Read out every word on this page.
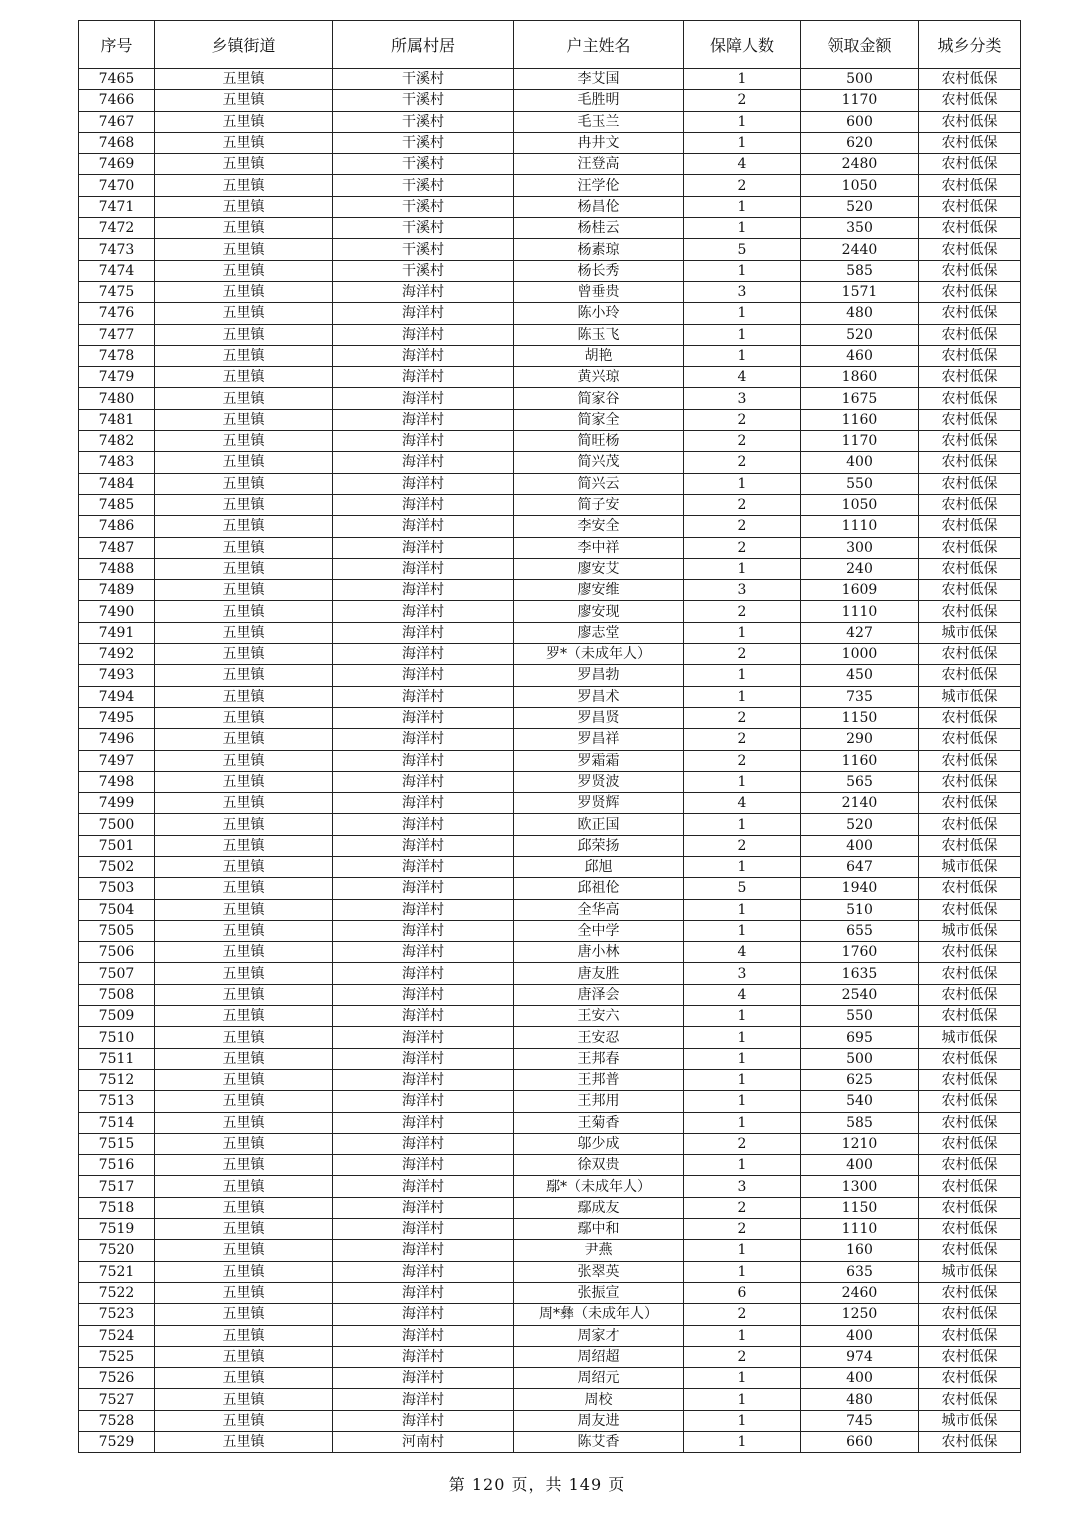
序号	乡镇街道	所属村居	户主姓名	保障人数	领取金额	城乡分类
7465	五里镇	干溪村	李艾国	1	500	农村低保
7466	五里镇	干溪村	毛胜明	2	1170	农村低保
7467	五里镇	干溪村	毛玉兰	1	600	农村低保
7468	五里镇	干溪村	冉井文	1	620	农村低保
7469	五里镇	干溪村	汪登高	4	2480	农村低保
7470	五里镇	干溪村	汪学伦	2	1050	农村低保
7471	五里镇	干溪村	杨昌伦	1	520	农村低保
7472	五里镇	干溪村	杨桂云	1	350	农村低保
7473	五里镇	干溪村	杨素琼	5	2440	农村低保
7474	五里镇	干溪村	杨长秀	1	585	农村低保
7475	五里镇	海洋村	曾垂贵	3	1571	农村低保
7476	五里镇	海洋村	陈小玲	1	480	农村低保
7477	五里镇	海洋村	陈玉飞	1	520	农村低保
7478	五里镇	海洋村	胡艳	1	460	农村低保
7479	五里镇	海洋村	黄兴琼	4	1860	农村低保
7480	五里镇	海洋村	简家谷	3	1675	农村低保
7481	五里镇	海洋村	简家全	2	1160	农村低保
7482	五里镇	海洋村	简旺杨	2	1170	农村低保
7483	五里镇	海洋村	简兴茂	2	400	农村低保
7484	五里镇	海洋村	简兴云	1	550	农村低保
7485	五里镇	海洋村	简子安	2	1050	农村低保
7486	五里镇	海洋村	李安全	2	1110	农村低保
7487	五里镇	海洋村	李中祥	2	300	农村低保
7488	五里镇	海洋村	廖安艾	1	240	农村低保
7489	五里镇	海洋村	廖安维	3	1609	农村低保
7490	五里镇	海洋村	廖安现	2	1110	农村低保
7491	五里镇	海洋村	廖志堂	1	427	城市低保
7492	五里镇	海洋村	罗*（未成年人）	2	1000	农村低保
7493	五里镇	海洋村	罗昌勃	1	450	农村低保
7494	五里镇	海洋村	罗昌术	1	735	城市低保
7495	五里镇	海洋村	罗昌贤	2	1150	农村低保
7496	五里镇	海洋村	罗昌祥	2	290	农村低保
7497	五里镇	海洋村	罗霜霜	2	1160	农村低保
7498	五里镇	海洋村	罗贤波	1	565	农村低保
7499	五里镇	海洋村	罗贤辉	4	2140	农村低保
7500	五里镇	海洋村	欧正国	1	520	农村低保
7501	五里镇	海洋村	邱荣扬	2	400	农村低保
7502	五里镇	海洋村	邱旭	1	647	城市低保
7503	五里镇	海洋村	邱祖伦	5	1940	农村低保
7504	五里镇	海洋村	全华高	1	510	农村低保
7505	五里镇	海洋村	全中学	1	655	城市低保
7506	五里镇	海洋村	唐小林	4	1760	农村低保
7507	五里镇	海洋村	唐友胜	3	1635	农村低保
7508	五里镇	海洋村	唐泽会	4	2540	农村低保
7509	五里镇	海洋村	王安六	1	550	农村低保
7510	五里镇	海洋村	王安忍	1	695	城市低保
7511	五里镇	海洋村	王邦春	1	500	农村低保
7512	五里镇	海洋村	王邦普	1	625	农村低保
7513	五里镇	海洋村	王邦用	1	540	农村低保
7514	五里镇	海洋村	王菊香	1	585	农村低保
7515	五里镇	海洋村	邬少成	2	1210	农村低保
7516	五里镇	海洋村	徐双贵	1	400	农村低保
7517	五里镇	海洋村	鄢*（未成年人）	3	1300	农村低保
7518	五里镇	海洋村	鄢成友	2	1150	农村低保
7519	五里镇	海洋村	鄢中和	2	1110	农村低保
7520	五里镇	海洋村	尹燕	1	160	农村低保
7521	五里镇	海洋村	张翠英	1	635	城市低保
7522	五里镇	海洋村	张振宣	6	2460	农村低保
7523	五里镇	海洋村	周*彝（未成年人）	2	1250	农村低保
7524	五里镇	海洋村	周家才	1	400	农村低保
7525	五里镇	海洋村	周绍超	2	974	农村低保
7526	五里镇	海洋村	周绍元	1	400	农村低保
7527	五里镇	海洋村	周校	1	480	农村低保
7528	五里镇	海洋村	周友进	1	745	城市低保
7529	五里镇	河南村	陈艾香	1	660	农村低保
第 120 页，共 149 页
